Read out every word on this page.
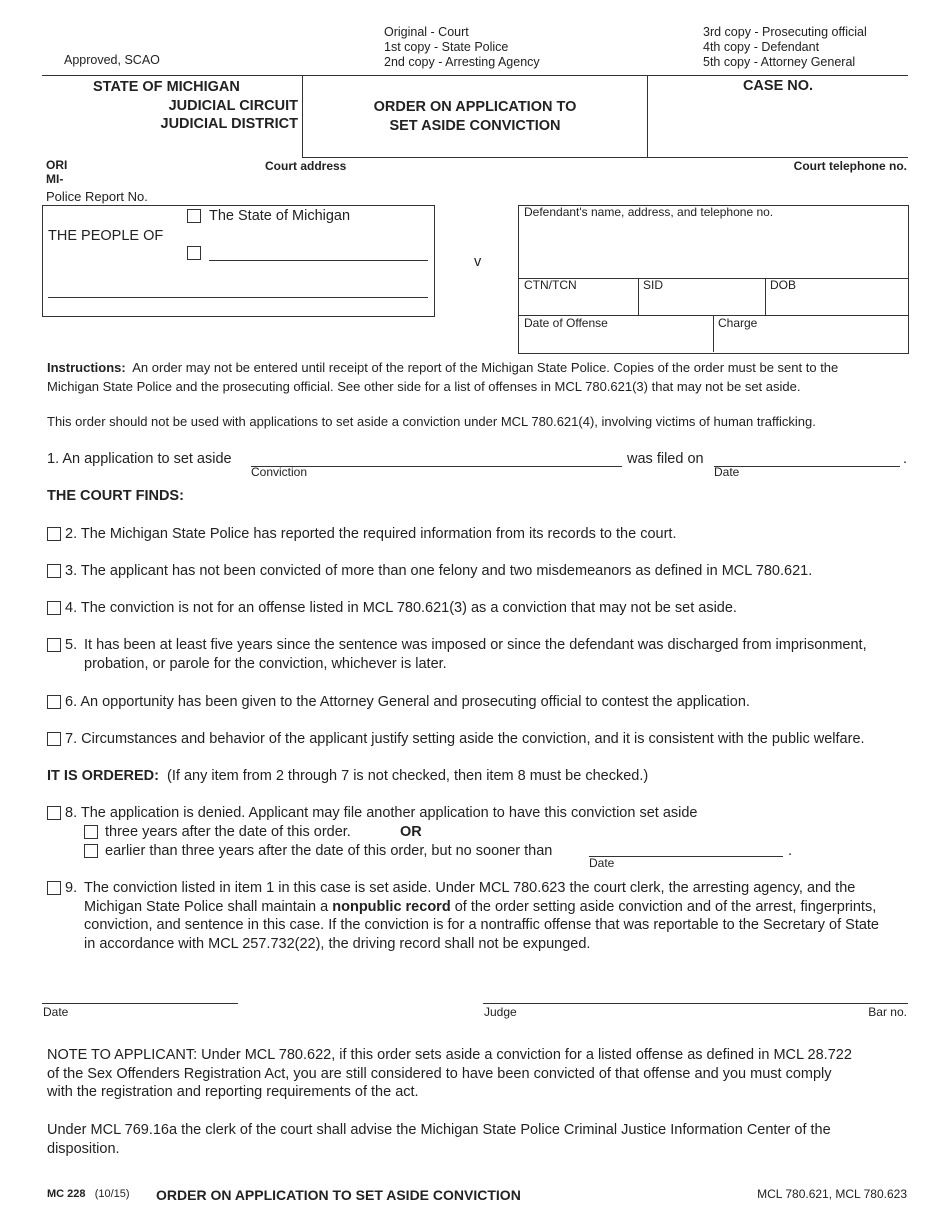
Approved, SCAO
Original - Court
1st copy - State Police
2nd copy - Arresting Agency
3rd copy - Prosecuting official
4th copy - Defendant
5th copy - Attorney General
STATE OF MICHIGAN
JUDICIAL CIRCUIT
JUDICIAL DISTRICT
ORDER ON APPLICATION TO
SET ASIDE CONVICTION
CASE NO.
ORI
MI-
Court address	Court telephone no.
Police Report No.
THE PEOPLE OF
The State of Michigan
v
Defendant's name, address, and telephone no.
CTN/TCN	SID	DOB
Date of Offense	Charge
Instructions: An order may not be entered until receipt of the report of the Michigan State Police. Copies of the order must be sent to the
Michigan State Police and the prosecuting official. See other side for a list of offenses in MCL 780.621(3) that may not be set aside.
This order should not be used with applications to set aside a conviction under MCL 780.621(4), involving victims of human trafficking.
1. An application to set aside
Conviction
was filed on
Date
.
THE COURT FINDS:
2. The Michigan State Police has reported the required information from its records to the court.
3. The applicant has not been convicted of more than one felony and two misdemeanors as defined in MCL 780.621.
4. The conviction is not for an offense listed in MCL 780.621(3) as a conviction that may not be set aside.
5. It has been at least five years since the sentence was imposed or since the defendant was discharged from imprisonment,
probation, or parole for the conviction, whichever is later.
6. An opportunity has been given to the Attorney General and prosecuting official to contest the application.
7. Circumstances and behavior of the applicant justify setting aside the conviction, and it is consistent with the public welfare.
IT IS ORDERED: (If any item from 2 through 7 is not checked, then item 8 must be checked.)
8. The application is denied. Applicant may file another application to have this conviction set aside
three years after the date of this order.	OR
earlier than three years after the date of this order, but no sooner than
Date
.
9. The conviction listed in item 1 in this case is set aside. Under MCL 780.623 the court clerk, the arresting agency, and the
Michigan State Police shall maintain a nonpublic record of the order setting aside conviction and of the arrest, fingerprints,
conviction, and sentence in this case. If the conviction is for a nontraffic offense that was reportable to the Secretary of State
in accordance with MCL 257.732(22), the driving record shall not be expunged.
Date	Judge	Bar no.
NOTE TO APPLICANT: Under MCL 780.622, if this order sets aside a conviction for a listed offense as defined in MCL 28.722
of the Sex Offenders Registration Act, you are still considered to have been convicted of that offense and you must comply
with the registration and reporting requirements of the act.
Under MCL 769.16a the clerk of the court shall advise the Michigan State Police Criminal Justice Information Center of the
disposition.
MC 228 (10/15) ORDER ON APPLICATION TO SET ASIDE CONVICTION	MCL 780.621, MCL 780.623
